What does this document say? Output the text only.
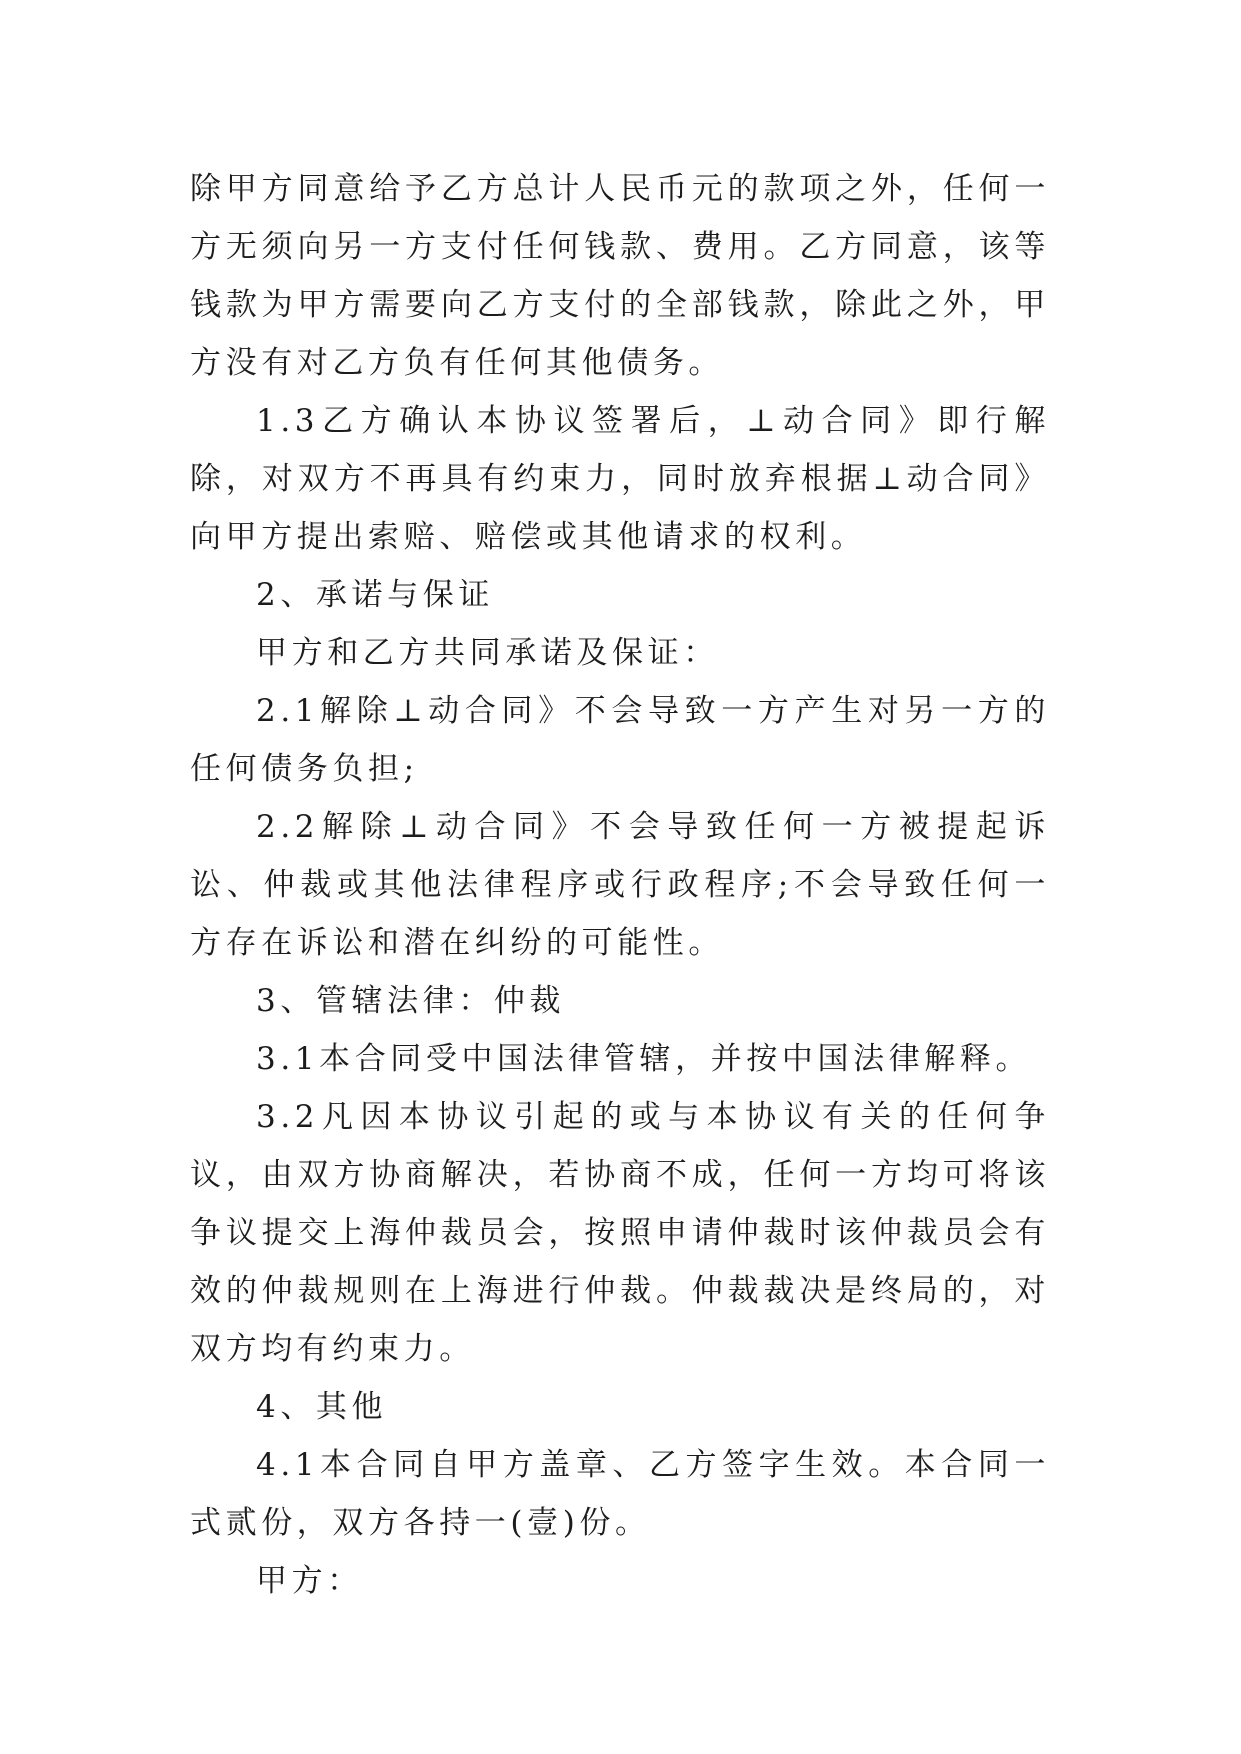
除甲方同意给予乙方总计人民币元的款项之外，任何一方无须向另一方支付任何钱款、费用。乙方同意，该等钱款为甲方需要向乙方支付的全部钱款，除此之外，甲方没有对乙方负有任何其他债务。

1.3乙方确认本协议签署后，⊥动合同》即行解除，对双方不再具有约束力，同时放弃根据⊥动合同》向甲方提出索赔、赔偿或其他请求的权利。

2、承诺与保证

甲方和乙方共同承诺及保证：

2.1解除⊥动合同》不会导致一方产生对另一方的任何债务负担;

2.2解除⊥动合同》不会导致任何一方被提起诉讼、仲裁或其他法律程序或行政程序;不会导致任何一方存在诉讼和潜在纠纷的可能性。

3、管辖法律：仲裁

3.1本合同受中国法律管辖，并按中国法律解释。

3.2凡因本协议引起的或与本协议有关的任何争议，由双方协商解决，若协商不成，任何一方均可将该争议提交上海仲裁员会，按照申请仲裁时该仲裁员会有效的仲裁规则在上海进行仲裁。仲裁裁决是终局的，对双方均有约束力。

4、其他

4.1本合同自甲方盖章、乙方签字生效。本合同一式贰份，双方各持一(壹)份。

甲方：
